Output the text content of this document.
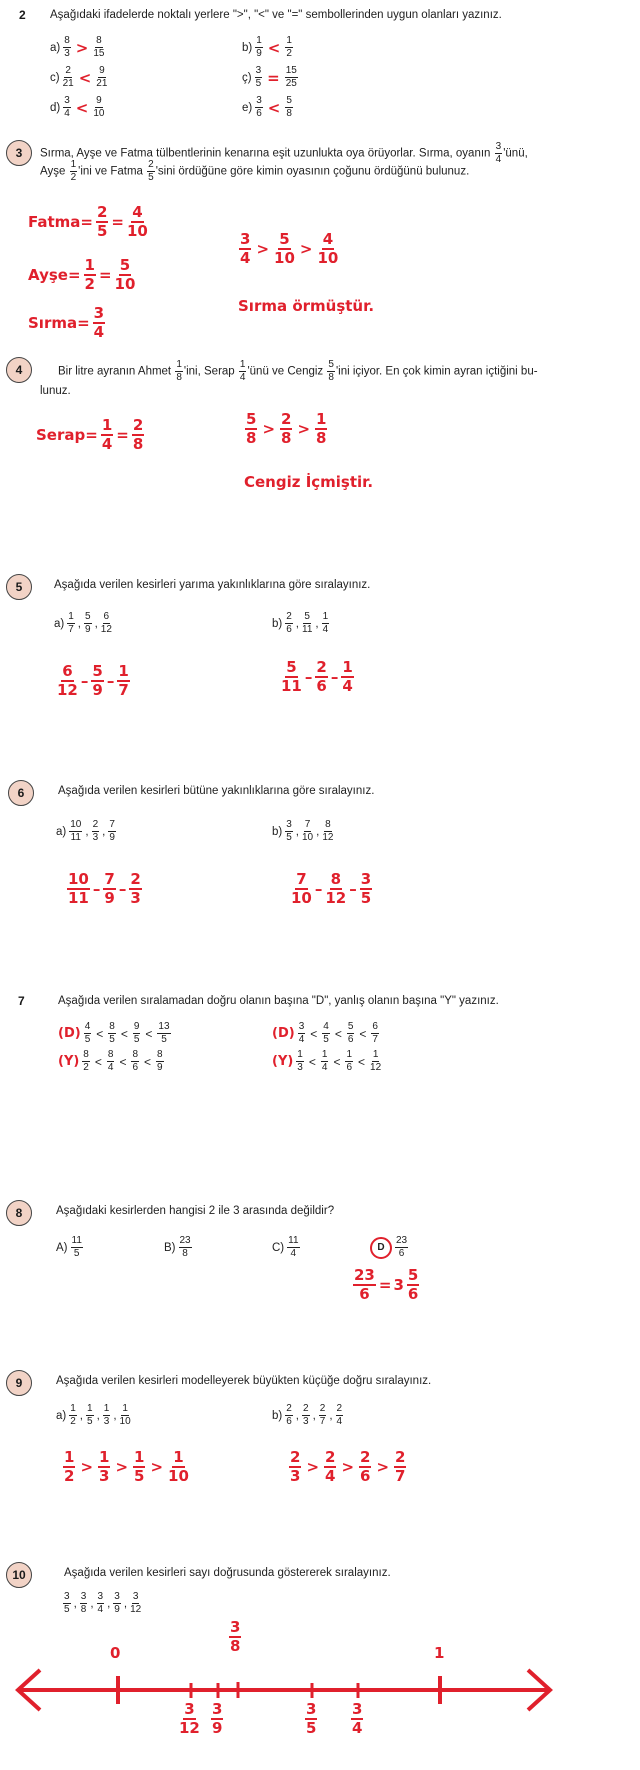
2 Aşağıdaki ifadelerde noktalı yerlere ">", "<" ve "=" sembollerinden uygun olanları yazınız.
$a) \frac{8}{3} > \frac{8}{15}$	$b) \frac{1}{9} < \frac{1}{2}$
$c) \frac{2}{21} < \frac{9}{21}$	ç) $\frac{3}{5} = \frac{15}{25}$
$d) \frac{3}{4} < \frac{9}{10}$	$e) \frac{3}{6} < \frac{5}{8}$
3	Sırma, Ayşe ve Fatma tülbentlerinin kenarına eşit uzunlukta oya örüyorlar. Sırma, oyanın $\frac{3}{4}$ 'ünü,
Ayşe $\frac{1}{2}$ 'ini ve Fatma $\frac{2}{5}$ 'sini ördüğüne göre kimin oyasının çoğunu ördüğünü bulunuz.
Fatma= $\frac{2}{5} = \frac{4}{10}$
Ayşe= $\frac{1}{2} = \frac{5}{10}$
Sırma= $\frac{3}{4}$
$\frac{3}{4} > \frac{5}{10} > \frac{4}{10}$
Sırma örmüştür.
4	Bir litre ayranın Ahmet $\frac{1}{8}$ 'ini, Serap $\frac{1}{4}$ 'ünü ve Cengiz $\frac{5}{8}$ 'ini içiyor. En çok kimin ayran içtiğini bu-
lunuz.
Serap= $\frac{1}{4} = \frac{2}{8}$	$\frac{5}{8} > \frac{2}{8} > \frac{1}{8}$
Cengiz İçmiştir.
5	Aşağıda verilen kesirleri yarıma yakınlıklarına göre sıralayınız.
$a) \frac{1}{7}$ , $\frac{5}{9}$ , $\frac{6}{12}$	$b) \frac{2}{6}$ , $\frac{5}{11}$ , $\frac{1}{4}$
$\frac{6}{12} - \frac{5}{9} - \frac{1}{7}$	$\frac{5}{11} - \frac{2}{6} - \frac{1}{4}$
6	Aşağıda verilen kesirleri bütüne yakınlıklarına göre sıralayınız.
$a) \frac{10}{11}$ , $\frac{2}{3}$ , $\frac{7}{9}$	$b) \frac{3}{5}$ , $\frac{7}{10}$ , $\frac{8}{12}$
$\frac{10}{11} - \frac{7}{9} - \frac{2}{3}$	$\frac{7}{10} - \frac{8}{12} - \frac{3}{5}$
7	Aşağıda verilen sıralamadan doğru olanın başına "D", yanlış olanın başına "Y" yazınız.
$(D) \frac{4}{5} < \frac{8}{5} < \frac{9}{5} < \frac{13}{5}$	$(D) \frac{3}{4} < \frac{4}{5} < \frac{5}{6} < \frac{6}{7}$
$(Y) \frac{8}{2} < \frac{8}{4} < \frac{8}{6} < \frac{8}{9}$	$(Y) \frac{1}{3} < \frac{1}{4} < \frac{1}{6} < \frac{1}{12}$
8	Aşağıdaki kesirlerden hangisi 2 ile 3 arasında değildir?
$A) \frac{11}{5}$	$B) \frac{23}{8}$	$C) \frac{11}{4}$	D	$\frac{23}{6}$
$\frac{23}{6} = 3 \frac{5}{6}$
9	Aşağıda verilen kesirleri modelleyerek büyükten küçüğe doğru sıralayınız.
$a) \frac{1}{2}$ , $\frac{1}{5}$ , $\frac{1}{3}$ , $\frac{1}{10}$	$b) \frac{2}{6}$ , $\frac{2}{3}$ , $\frac{2}{7}$ , $\frac{2}{4}$
$\frac{1}{2} > \frac{1}{3} > \frac{1}{5} > \frac{1}{10}$	$\frac{2}{3} > \frac{2}{4} > \frac{2}{6} > \frac{2}{7}$
10	Aşağıda verilen kesirleri sayı doğrusunda göstererek sıralayınız.
$\frac{3}{5}$ , $\frac{3}{8}$ , $\frac{3}{4}$ , $\frac{3}{9}$ , $\frac{3}{12}$
0	1
$\frac{3}{8}$
$\frac{3}{12} \frac{3}{9}$	$\frac{3}{5} \frac{3}{4}$
